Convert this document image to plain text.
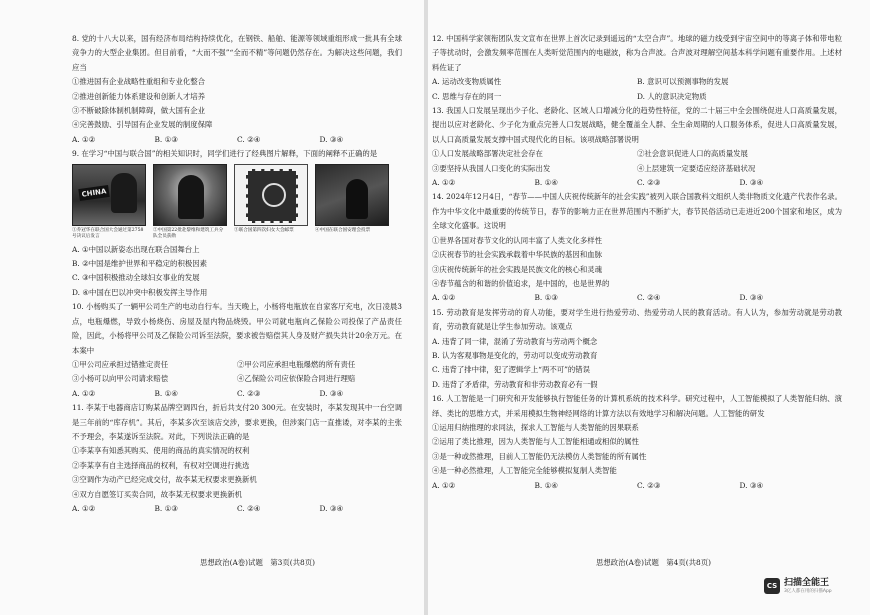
8. 党的十八大以来，国有经济布局结构持续优化，在钢铁、船舶、能源等领域重组形成一批具有全球竞争力的大型企业集团。但目前看，“大而不强”“全而不精”等问题仍然存在。为解决这些问题，我们应当

①推进国有企业战略性重组和专业化整合
②推进创新能力体系建设和创新人才培养
③不断破除体制机制障碍，做大国有企业
④完善鼓励、引导国有企业发展的制度保障
A. ①②	B. ①③	C. ②④	D. ③④

9. 在学习“中国与联合国”的相关知识时，同学们进行了经典图片解释，下面的阐释不正确的是

CHINA
①乔冠华在联合国大会通过第2758号决议后发言
②中国第22批赴黎维和建筑工兵分队全员获勋
③联合国第四次妇女大会邮票	④中国在联合国安理会投票
A. ①中国以新姿态出现在联合国舞台上
B. ②中国是维护世界和平稳定的积极因素
C. ③中国积极推动全球妇女事业的发展
D. ④中国在巴以冲突中积极发挥主导作用

10. 小杨购买了一辆甲公司生产的电动自行车。当天晚上，小杨将电瓶放在自家客厅充电，次日凌晨3点，电瓶爆燃，导致小杨烧伤、房屋及屋内物品烧毁。甲公司就电瓶向乙保险公司投保了产品责任险，因此，小杨将甲公司及乙保险公司诉至法院，要求被告赔偿其人身及财产损失共计20余万元。在本案中

①甲公司应承担过错推定责任	②甲公司应承担电瓶爆燃的所有责任
③小杨可以向甲公司请求赔偿	④乙保险公司应依保险合同进行理赔
A. ①②	B. ①④	C. ②③	D. ③④

11. 李某于电器商店订购某品牌空调四台，折后共支付20 300元。在安装时，李某发现其中一台空调是三年前的“库存机”。其后，李某多次至该店交涉，要求更换，但涉案门店一直推诿，对李某的主张不予理会，李某遂诉至法院。对此，下列说法正确的是

①李某享有知悉其购买、使用的商品的真实情况的权利
②李某享有自主选择商品的权利，有权对空调进行挑选
③空调作为动产已经完成交付，故李某无权要求更换新机
④双方自愿签订买卖合同，故李某无权要求更换新机
A. ①②	B. ①③	C. ②④	D. ③④
思想政治(A卷)试题　第3页(共8页)

12. 中国科学家领衔团队发文宣布在世界上首次记录到遥远的“太空合声”。地球的磁力线受到宇宙空间中的等离子体和带电粒子等扰动时，会激发频率范围在人类听觉范围内的电磁波，称为合声波。合声波对理解空间基本科学问题有重要作用。上述材料佐证了

A. 运动改变物质属性	B. 意识可以预测事物的发展
C. 思维与存在的同一	D. 人的意识决定物质

13. 我国人口发展呈现出少子化、老龄化、区域人口增减分化的趋势性特征，党的二十届三中全会围绕促进人口高质量发展，提出以应对老龄化、少子化为重点完善人口发展战略，健全覆盖全人群、全生命周期的人口服务体系，促进人口高质量发展，以人口高质量发展支撑中国式现代化的目标。该项战略部署说明

①人口发展战略部署决定社会存在	②社会意识促进人口的高质量发展
③要坚持从我国人口变化的实际出发	④上层建筑一定要适应经济基础状况
A. ①②	B. ①④	C. ②③	D. ③④

14. 2024年12月4日，“春节——中国人庆祝传统新年的社会实践”被列入联合国教科文组织人类非物质文化遗产代表作名录。作为中华文化中最重要的传统节日，春节的影响力正在世界范围内不断扩大，春节民俗活动已走进近200个国家和地区，成为全球文化盛事。这说明

①世界各国对春节文化的认同丰富了人类文化多样性
②庆祝春节的社会实践承载着中华民族的基因和血脉
③庆祝传统新年的社会实践是民族文化的核心和灵魂
④春节蕴含的和谐的价值追求，是中国的，也是世界的
A. ①②	B. ①③	C. ②④	D. ③④

15. 劳动教育是发挥劳动的育人功能，要对学生进行热爱劳动、热爱劳动人民的教育活动。有人认为，参加劳动就是劳动教育，劳动教育就是让学生参加劳动。该观点

A. 违背了同一律，混淆了劳动教育与劳动两个概念
B. 认为客观事物是变化的，劳动可以变成劳动教育
C. 违背了排中律，犯了逻辑学上“两不可”的错误
D. 违背了矛盾律，劳动教育和非劳动教育必有一假

16. 人工智能是一门研究和开发能够执行智能任务的计算机系统的技术科学。研究过程中，人工智能模拟了人类智能归纳、演绎、类比的思维方式，并采用模拟生物神经网络的计算方法以有效地学习和解决问题。人工智能的研发

①运用归纳推理的求同法，探求人工智能与人类智能的因果联系
②运用了类比推理，因为人类智能与人工智能相通或相似的属性
③是一种或然推理，目前人工智能仍无法模仿人类智能的所有属性
④是一种必然推理，人工智能完全能够模拟复制人类智能
A. ①②	B. ①④	C. ②③	D. ③④
思想政治(A卷)试题　第4页(共8页)
CS 扫描全能王
3亿人都在用的扫描App
